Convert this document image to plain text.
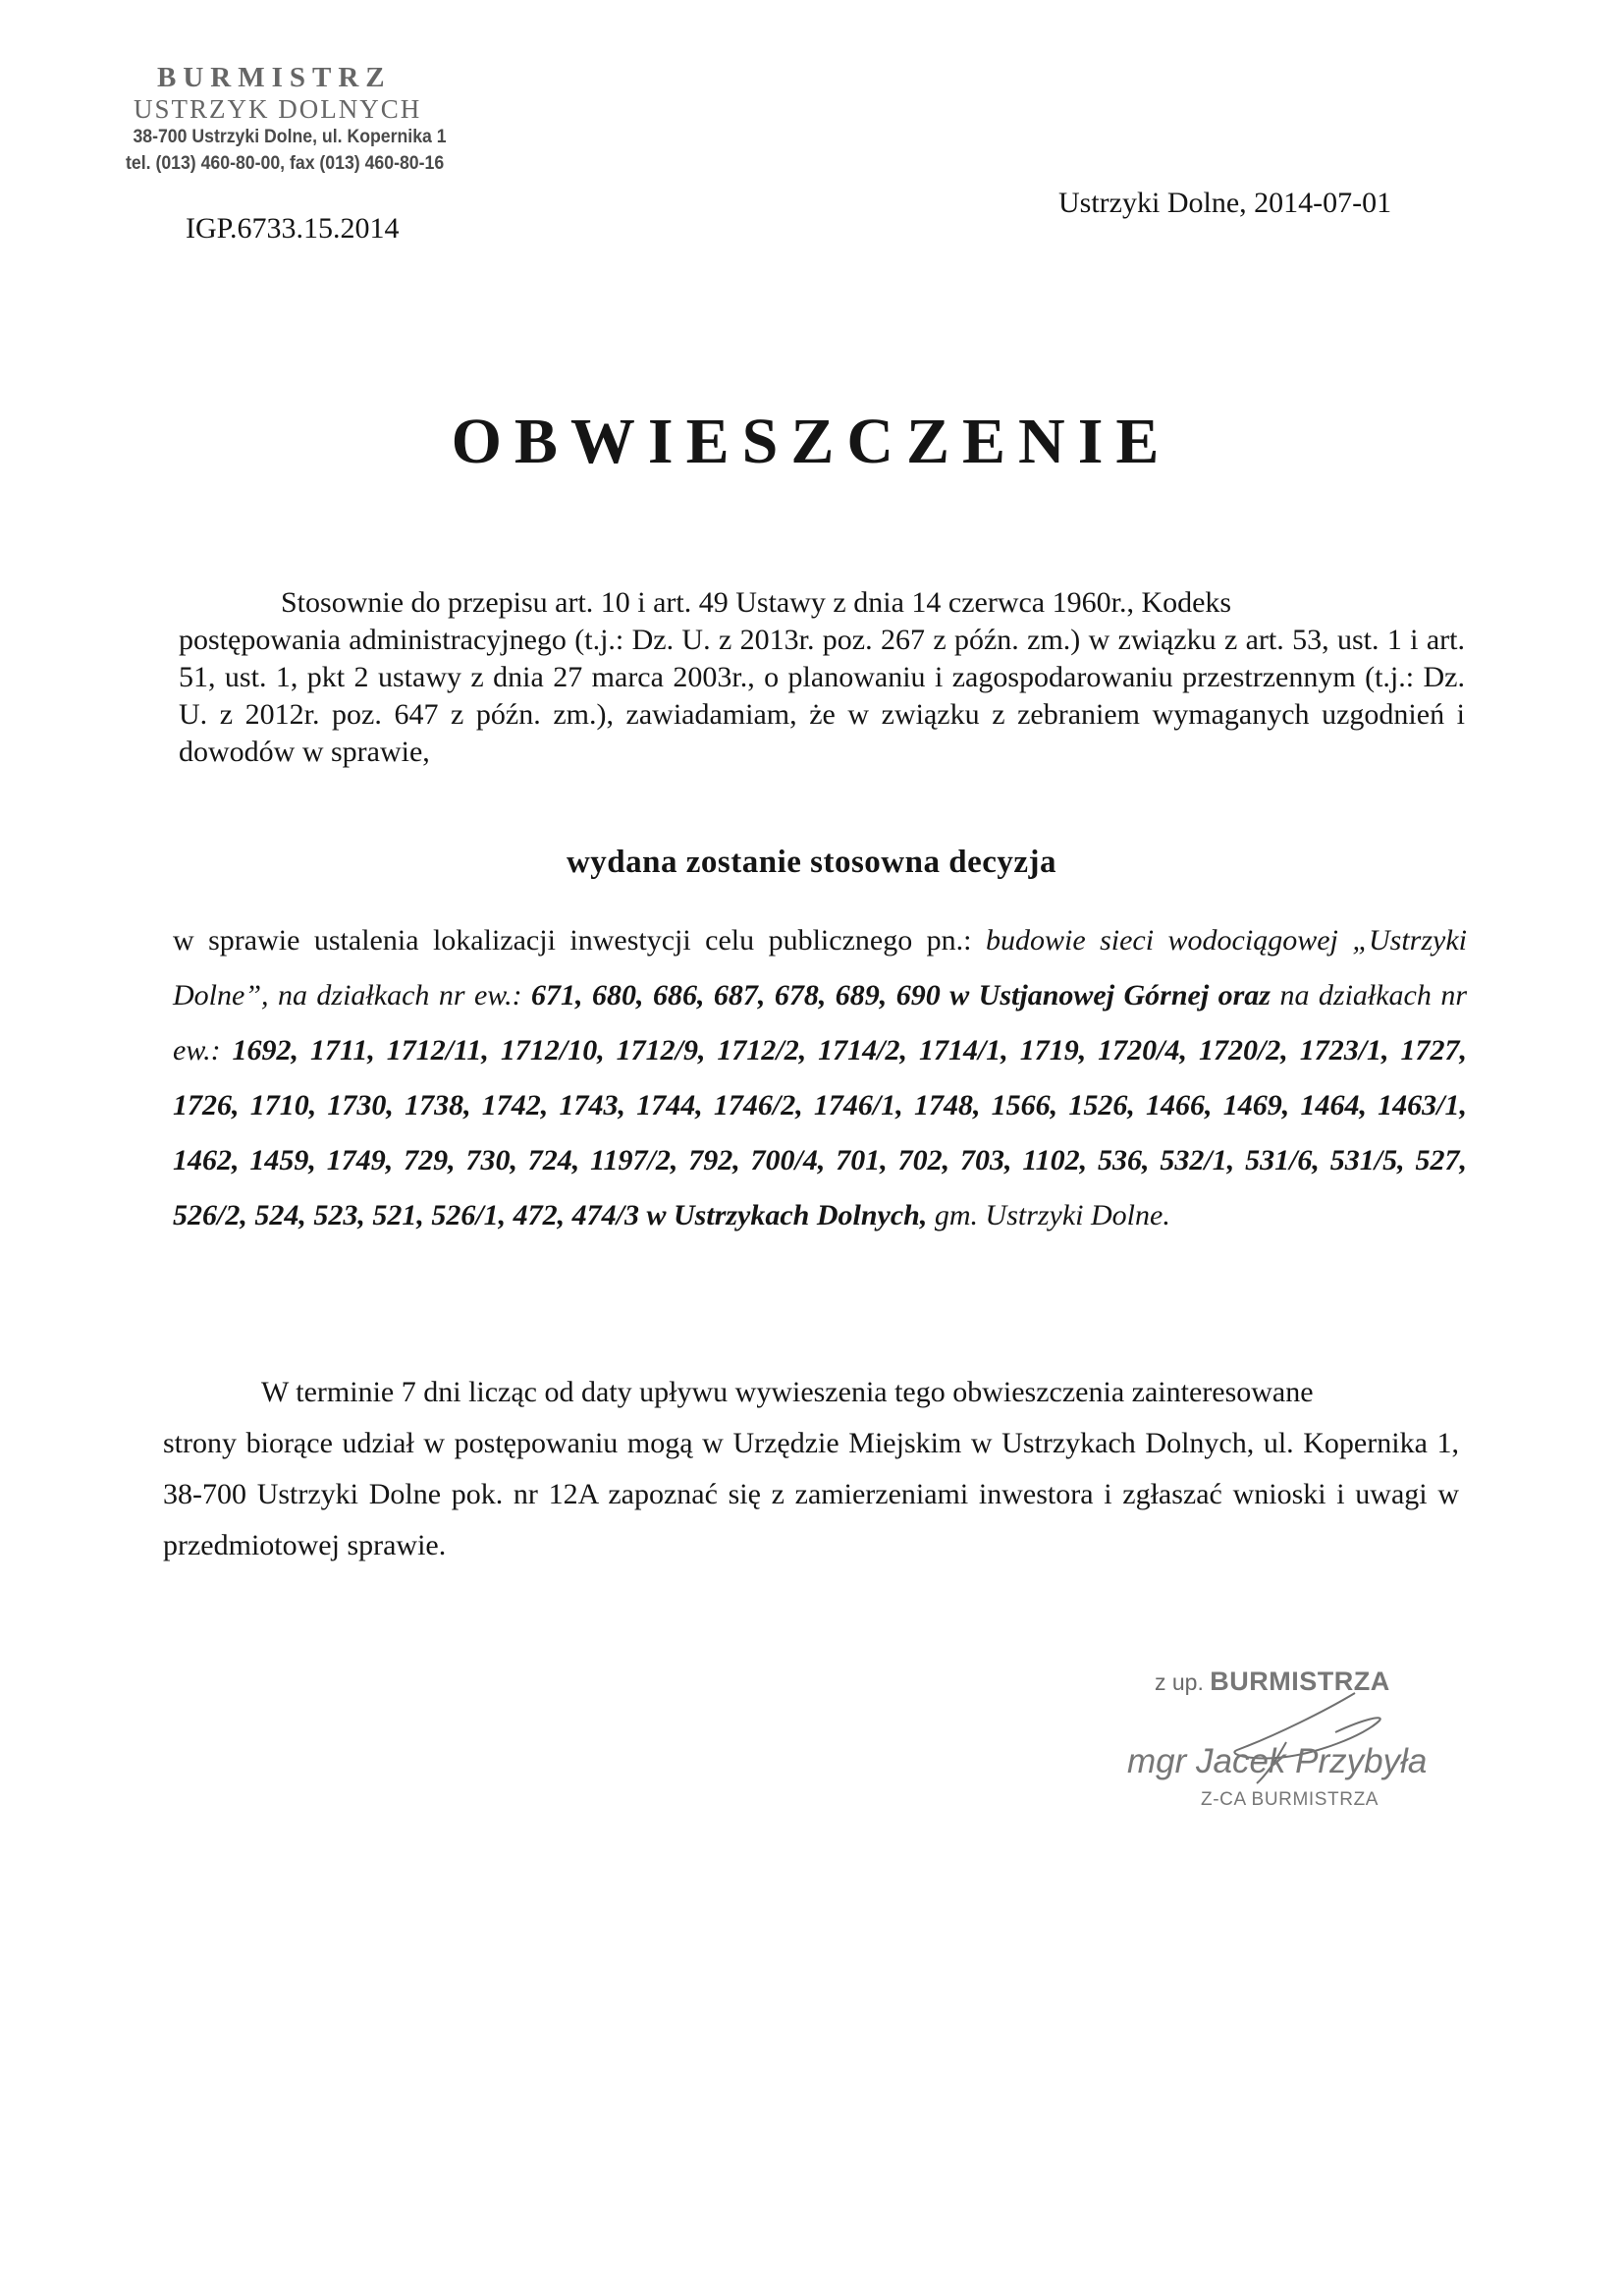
BURMISTRZ
USTRZYK DOLNYCH
38-700 Ustrzyki Dolne, ul. Kopernika 1
tel. (013) 460-80-00, fax (013) 460-80-16
IGP.6733.15.2014
Ustrzyki Dolne, 2014-07-01
OBWIESZCZENIE
Stosownie do przepisu art. 10 i art. 49 Ustawy z dnia 14 czerwca 1960r., Kodeks
postępowania administracyjnego (t.j.: Dz. U. z 2013r. poz. 267 z późn. zm.) w związku z art. 53, ust. 1 i art. 51, ust. 1, pkt 2 ustawy z dnia 27 marca 2003r., o planowaniu i zagospodarowaniu przestrzennym (t.j.: Dz. U. z 2012r. poz. 647 z późn. zm.), zawiadamiam, że w związku z zebraniem wymaganych uzgodnień i dowodów w sprawie,
wydana zostanie stosowna decyzja
w sprawie ustalenia lokalizacji inwestycji celu publicznego pn.: budowie sieci wodociągowej „Ustrzyki Dolne”, na działkach nr ew.: 671, 680, 686, 687, 678, 689, 690 w Ustjanowej Górnej oraz na działkach nr ew.: 1692, 1711, 1712/11, 1712/10, 1712/9, 1712/2, 1714/2, 1714/1, 1719, 1720/4, 1720/2, 1723/1, 1727, 1726, 1710, 1730, 1738, 1742, 1743, 1744, 1746/2, 1746/1, 1748, 1566, 1526, 1466, 1469, 1464, 1463/1, 1462, 1459, 1749, 729, 730, 724, 1197/2, 792, 700/4, 701, 702, 703, 1102, 536, 532/1, 531/6, 531/5, 527, 526/2, 524, 523, 521, 526/1, 472, 474/3 w Ustrzykach Dolnych, gm. Ustrzyki Dolne.
W terminie 7 dni licząc od daty upływu wywieszenia tego obwieszczenia zainteresowane
strony biorące udział w postępowaniu mogą w Urzędzie Miejskim w Ustrzykach Dolnych, ul. Kopernika 1, 38-700 Ustrzyki Dolne pok. nr 12A zapoznać się z zamierzeniami inwestora i zgłaszać wnioski i uwagi w przedmiotowej sprawie.
z up. BURMISTRZA
mgr Jacek Przybyła
Z-CA BURMISTRZA
